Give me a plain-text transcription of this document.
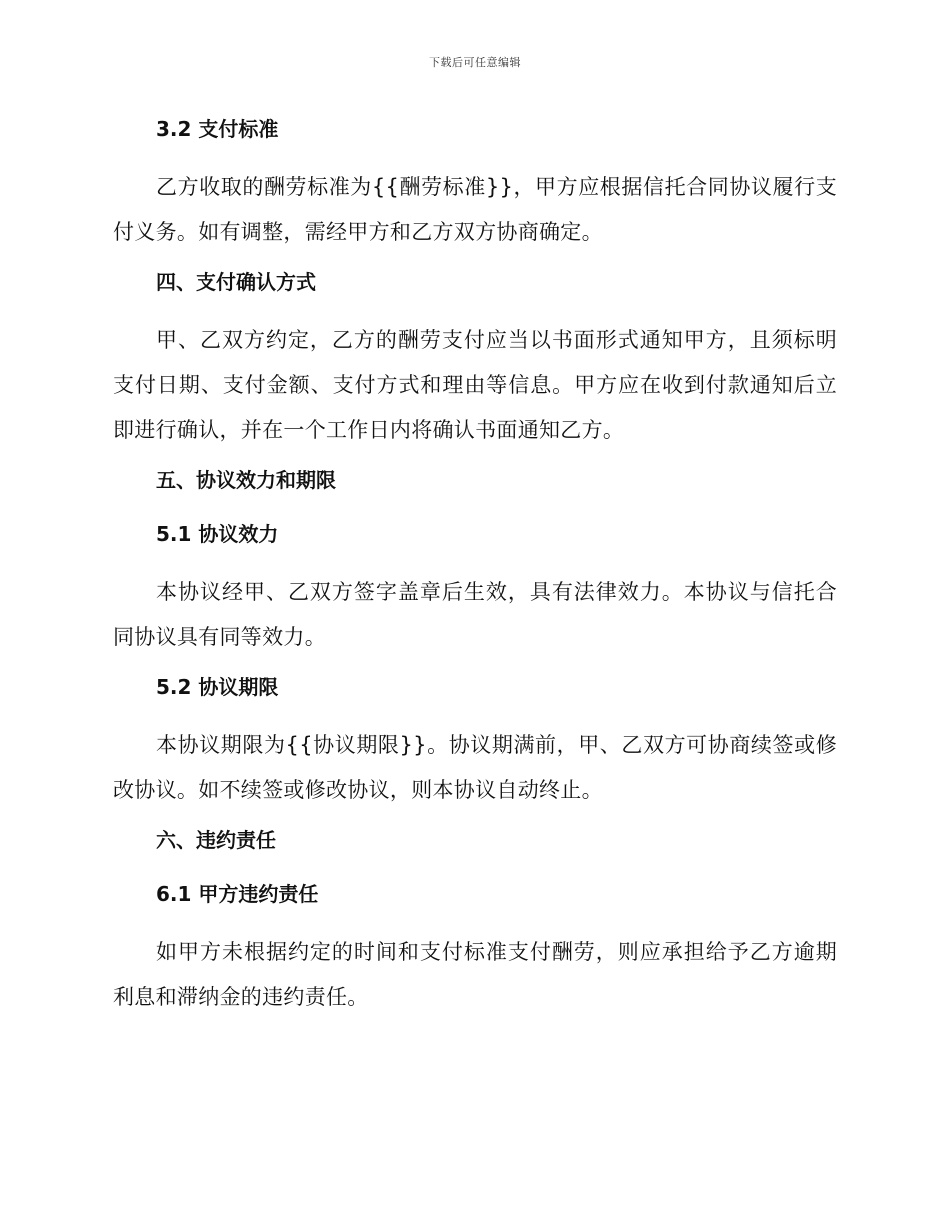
下载后可任意编辑
3.2 支付标准
乙方收取的酬劳标准为{{酬劳标准}}，甲方应根据信托合同协议履行支付义务。如有调整，需经甲方和乙方双方协商确定。
四、支付确认方式
甲、乙双方约定，乙方的酬劳支付应当以书面形式通知甲方，且须标明支付日期、支付金额、支付方式和理由等信息。甲方应在收到付款通知后立即进行确认，并在一个工作日内将确认书面通知乙方。
五、协议效力和期限
5.1 协议效力
本协议经甲、乙双方签字盖章后生效，具有法律效力。本协议与信托合同协议具有同等效力。
5.2 协议期限
本协议期限为{{协议期限}}。协议期满前，甲、乙双方可协商续签或修改协议。如不续签或修改协议，则本协议自动终止。
六、违约责任
6.1 甲方违约责任
如甲方未根据约定的时间和支付标准支付酬劳，则应承担给予乙方逾期利息和滞纳金的违约责任。
